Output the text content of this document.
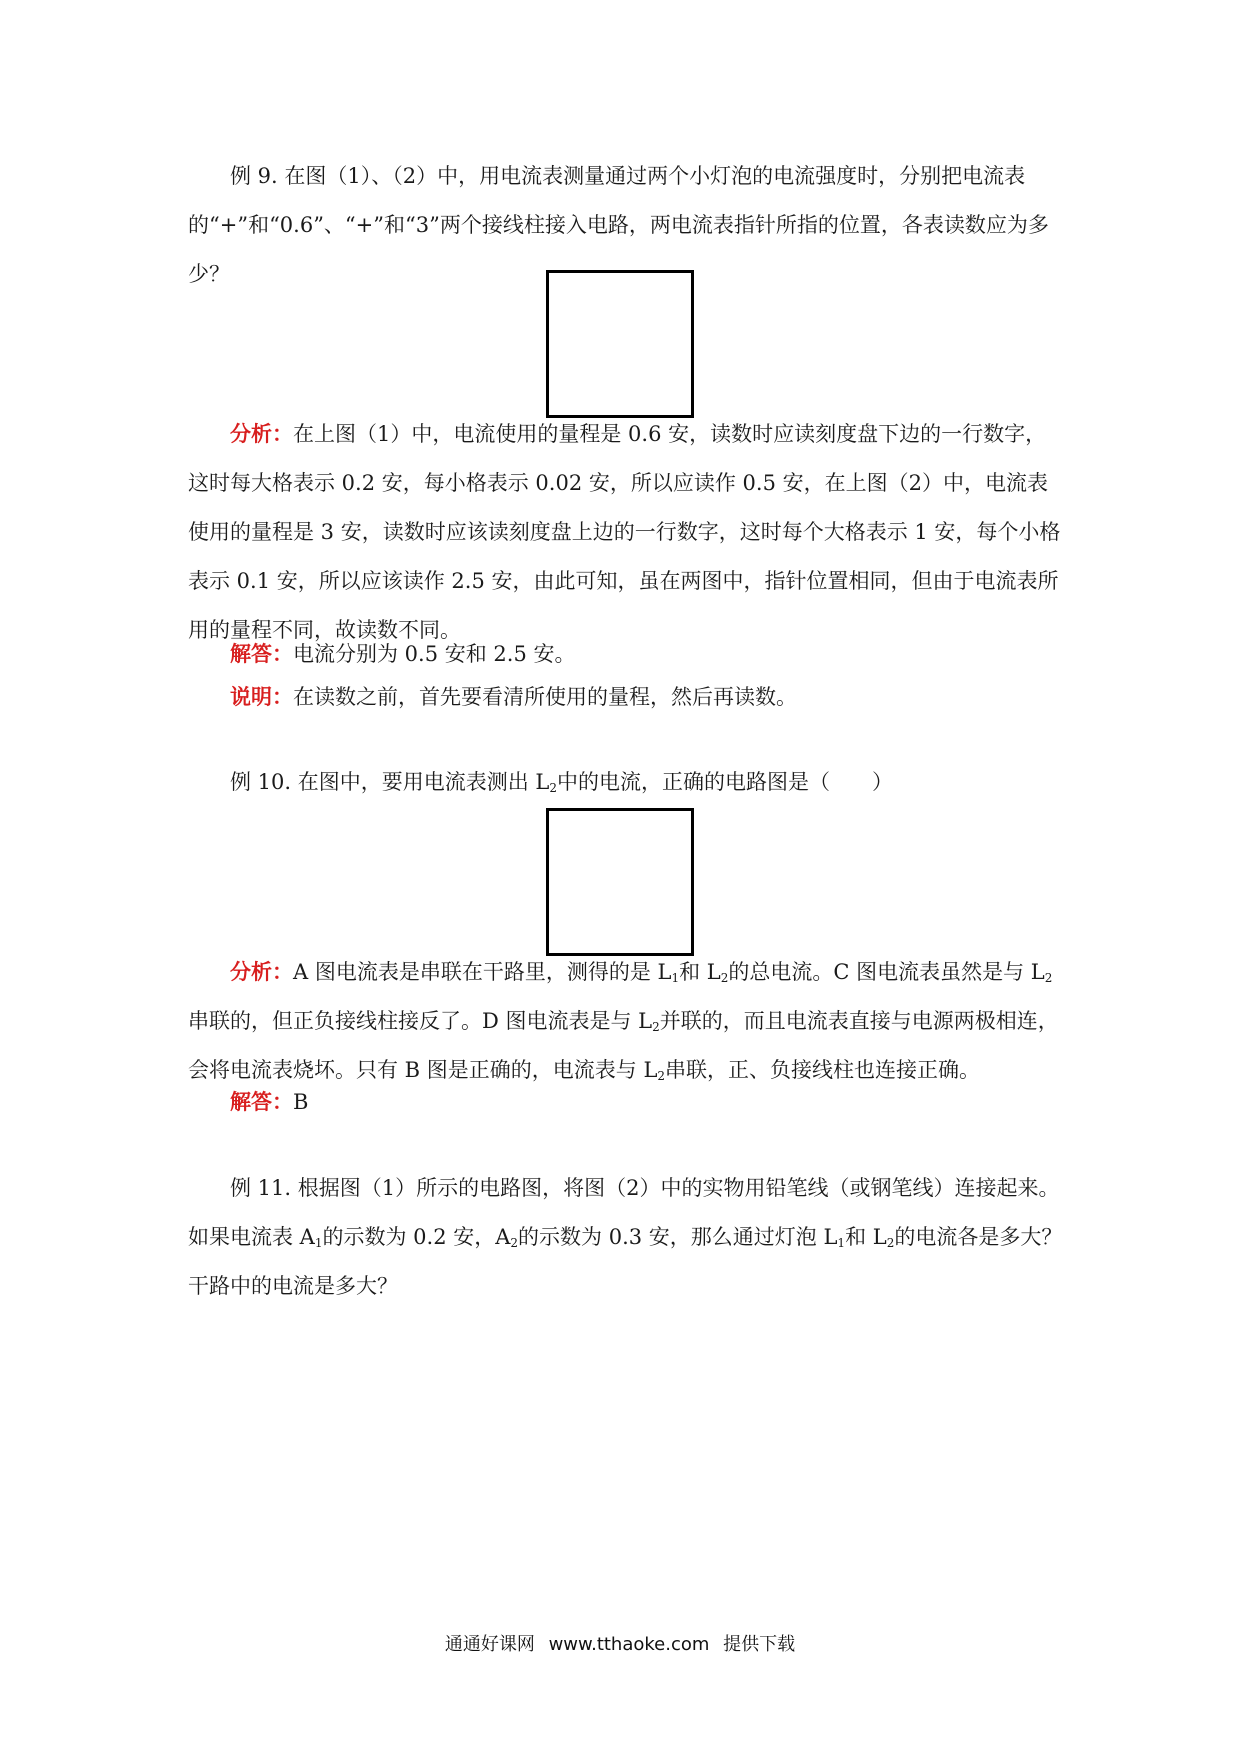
例 9. 在图（1）、（2）中，用电流表测量通过两个小灯泡的电流强度时，分别把电流表的“+”和“0.6”、“+”和“3”两个接线柱接入电路，两电流表指针所指的位置，各表读数应为多少？

分析：在上图（1）中，电流使用的量程是 0.6 安，读数时应读刻度盘下边的一行数字，这时每大格表示 0.2 安，每小格表示 0.02 安，所以应读作 0.5 安，在上图（2）中，电流表使用的量程是 3 安，读数时应该读刻度盘上边的一行数字，这时每个大格表示 1 安，每个小格表示 0.1 安，所以应该读作 2.5 安，由此可知，虽在两图中，指针位置相同，但由于电流表所用的量程不同，故读数不同。

解答：电流分别为 0.5 安和 2.5 安。

说明：在读数之前，首先要看清所使用的量程，然后再读数。

例 10. 在图中，要用电流表测出 $L_2$中的电流，正确的电路图是（　　）

分析：A 图电流表是串联在干路里，测得的是 $L_1$和 $L_2$的总电流。C 图电流表虽然是与 $L_2$串联的，但正负接线柱接反了。D 图电流表是与 $L_2$并联的，而且电流表直接与电源两极相连，会将电流表烧坏。只有 B 图是正确的，电流表与 $L_2$串联，正、负接线柱也连接正确。

解答：B

例 11. 根据图（1）所示的电路图，将图（2）中的实物用铅笔线（或钢笔线）连接起来。如果电流表 $A_1$的示数为 0.2 安，$A_2$的示数为 0.3 安，那么通过灯泡 $L_1$和 $L_2$的电流各是多大？干路中的电流是多大？

通通好课网 www.tthaoke.com 提供下载
